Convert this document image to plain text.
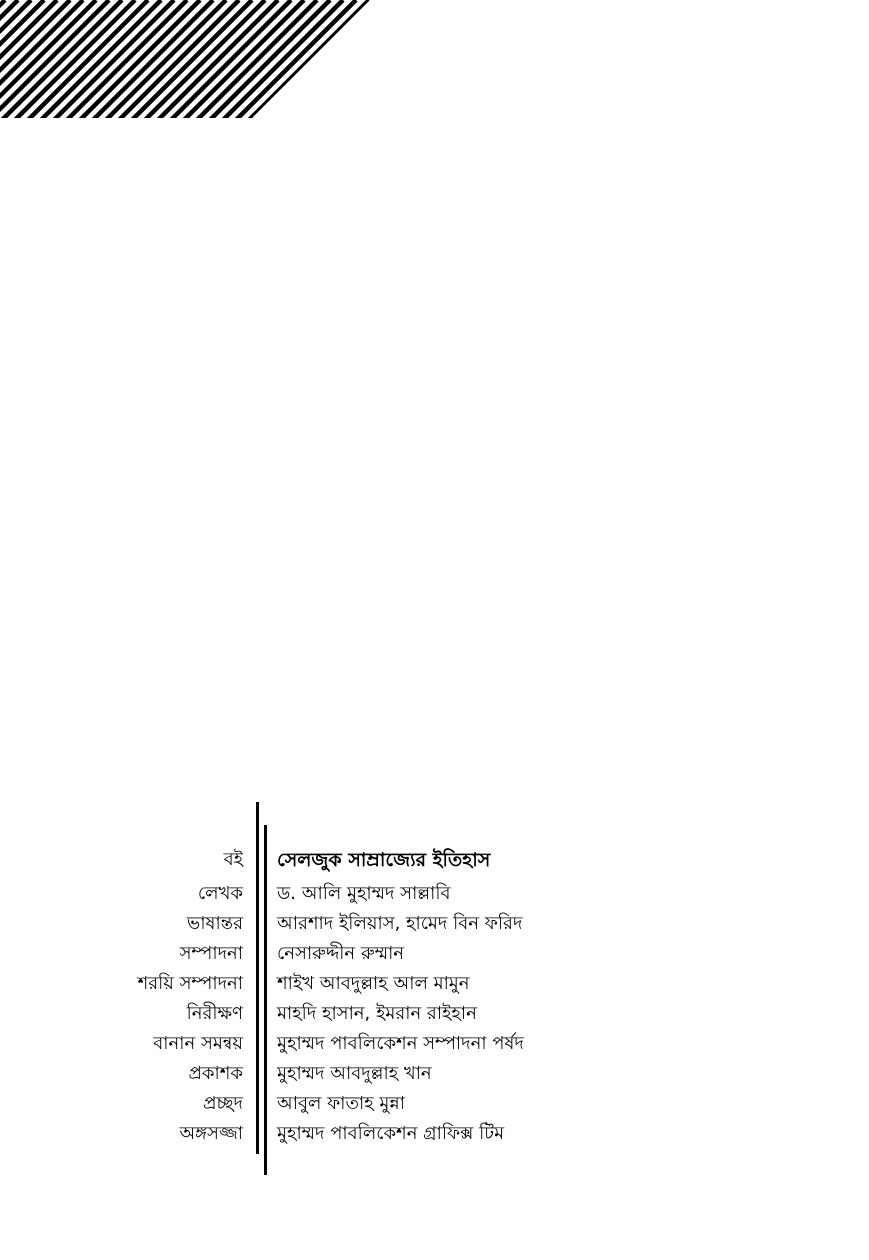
বই সেলজুক সাম্রাজ্যের ইতিহাস
লেখক ড. আলি মুহাম্মদ সাল্লাবি
ভাষান্তর আরশাদ ইলিয়াস, হামেদ বিন ফরিদ
সম্পাদনা নেসারুদ্দীন রুম্মান
শরয়ি সম্পাদনা শাইখ আবদুল্লাহ আল মামুন
নিরীক্ষণ মাহদি হাসান, ইমরান রাইহান
বানান সমন্বয় মুহাম্মদ পাবলিকেশন সম্পাদনা পর্ষদ
প্রকাশক মুহাম্মদ আবদুল্লাহ খান
প্রচ্ছদ আবুল ফাতাহ মুন্না
অঙ্গসজ্জা মুহাম্মদ পাবলিকেশন গ্রাফিক্স টিম
